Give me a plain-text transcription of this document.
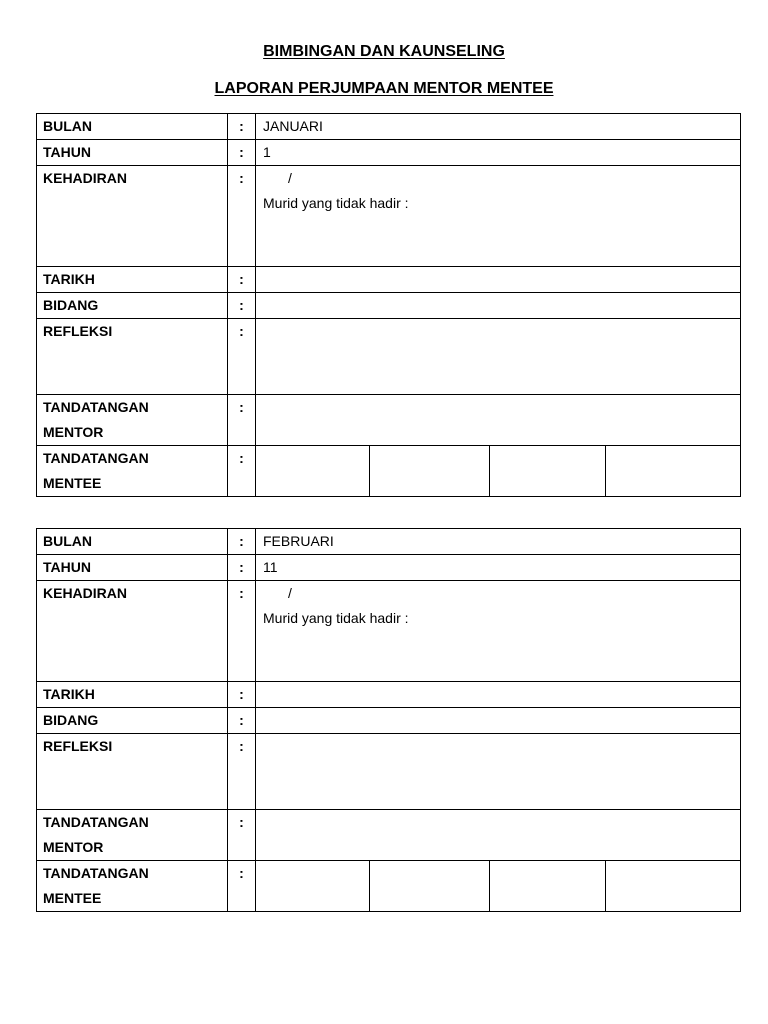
BIMBINGAN DAN KAUNSELING
LAPORAN PERJUMPAAN MENTOR MENTEE
BULAN	:	JANUARI
TAHUN	:	1
KEHADIRAN	:	/
Murid yang tidak hadir :
TARIKH	:	
BIDANG	:	
REFLEKSI	:	

TANDATANGAN
MENTOR	:	

TANDATANGAN
MENTEE	:	
BULAN	:	FEBRUARI
TAHUN	:	11
KEHADIRAN	:	/
Murid yang tidak hadir :
TARIKH	:	
BIDANG	:	
REFLEKSI	:	

TANDATANGAN
MENTOR	:	

TANDATANGAN
MENTEE	:	
